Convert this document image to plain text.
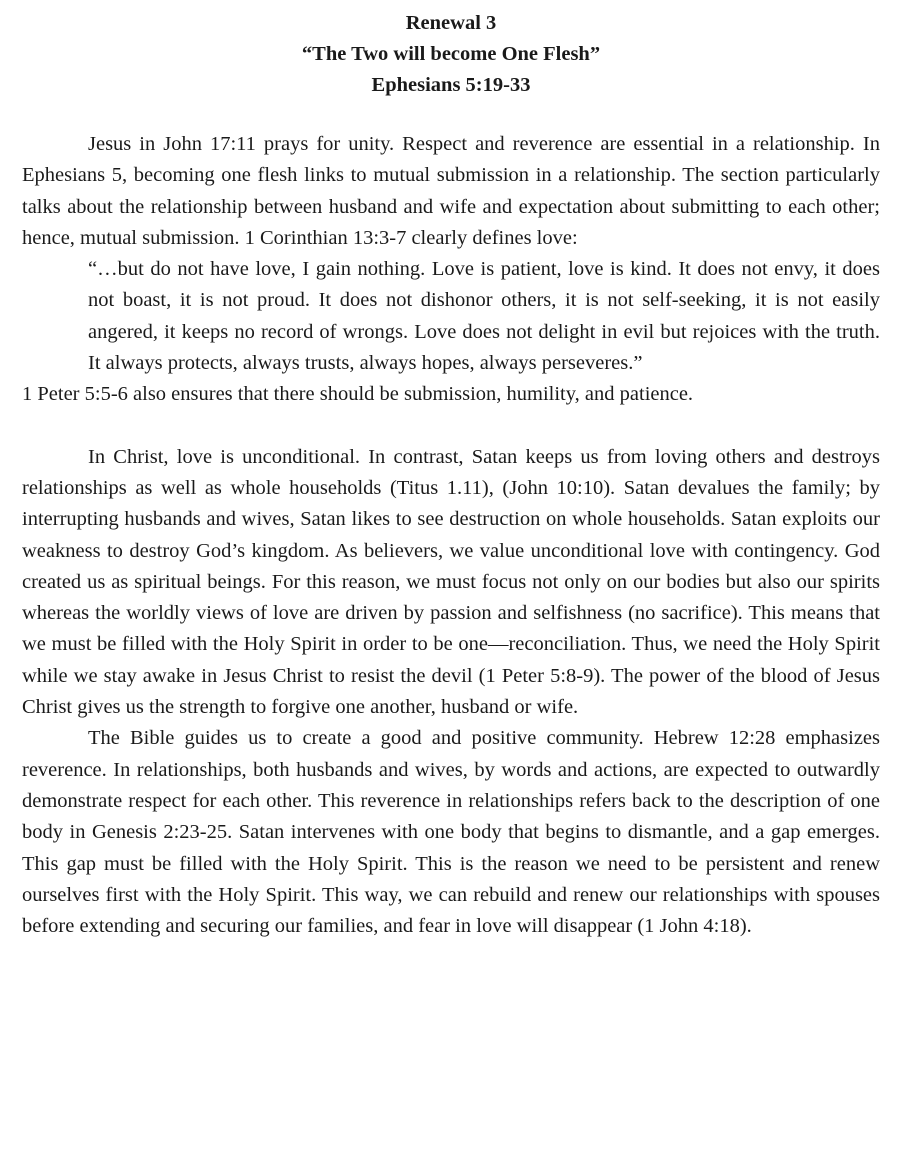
Renewal 3
“The Two will become One Flesh”
Ephesians 5:19-33

Jesus in John 17:11 prays for unity. Respect and reverence are essential in a relationship. In Ephesians 5, becoming one flesh links to mutual submission in a relationship. The section particularly talks about the relationship between husband and wife and expectation about submitting to each other; hence, mutual submission. 1 Corinthian 13:3-7 clearly defines love:

“…but do not have love, I gain nothing. Love is patient, love is kind. It does not envy, it does not boast, it is not proud. It does not dishonor others, it is not self-seeking, it is not easily angered, it keeps no record of wrongs. Love does not delight in evil but rejoices with the truth. It always protects, always trusts, always hopes, always perseveres.”

1 Peter 5:5-6 also ensures that there should be submission, humility, and patience.

In Christ, love is unconditional. In contrast, Satan keeps us from loving others and destroys relationships as well as whole households (Titus 1.11), (John 10:10). Satan devalues the family; by interrupting husbands and wives, Satan likes to see destruction on whole households. Satan exploits our weakness to destroy God’s kingdom. As believers, we value unconditional love with contingency. God created us as spiritual beings. For this reason, we must focus not only on our bodies but also our spirits whereas the worldly views of love are driven by passion and selfishness (no sacrifice). This means that we must be filled with the Holy Spirit in order to be one—reconciliation. Thus, we need the Holy Spirit while we stay awake in Jesus Christ to resist the devil (1 Peter 5:8-9). The power of the blood of Jesus Christ gives us the strength to forgive one another, husband or wife.

The Bible guides us to create a good and positive community. Hebrew 12:28 emphasizes reverence. In relationships, both husbands and wives, by words and actions, are expected to outwardly demonstrate respect for each other. This reverence in relationships refers back to the description of one body in Genesis 2:23-25. Satan intervenes with one body that begins to dismantle, and a gap emerges. This gap must be filled with the Holy Spirit. This is the reason we need to be persistent and renew ourselves first with the Holy Spirit. This way, we can rebuild and renew our relationships with spouses before extending and securing our families, and fear in love will disappear (1 John 4:18).
